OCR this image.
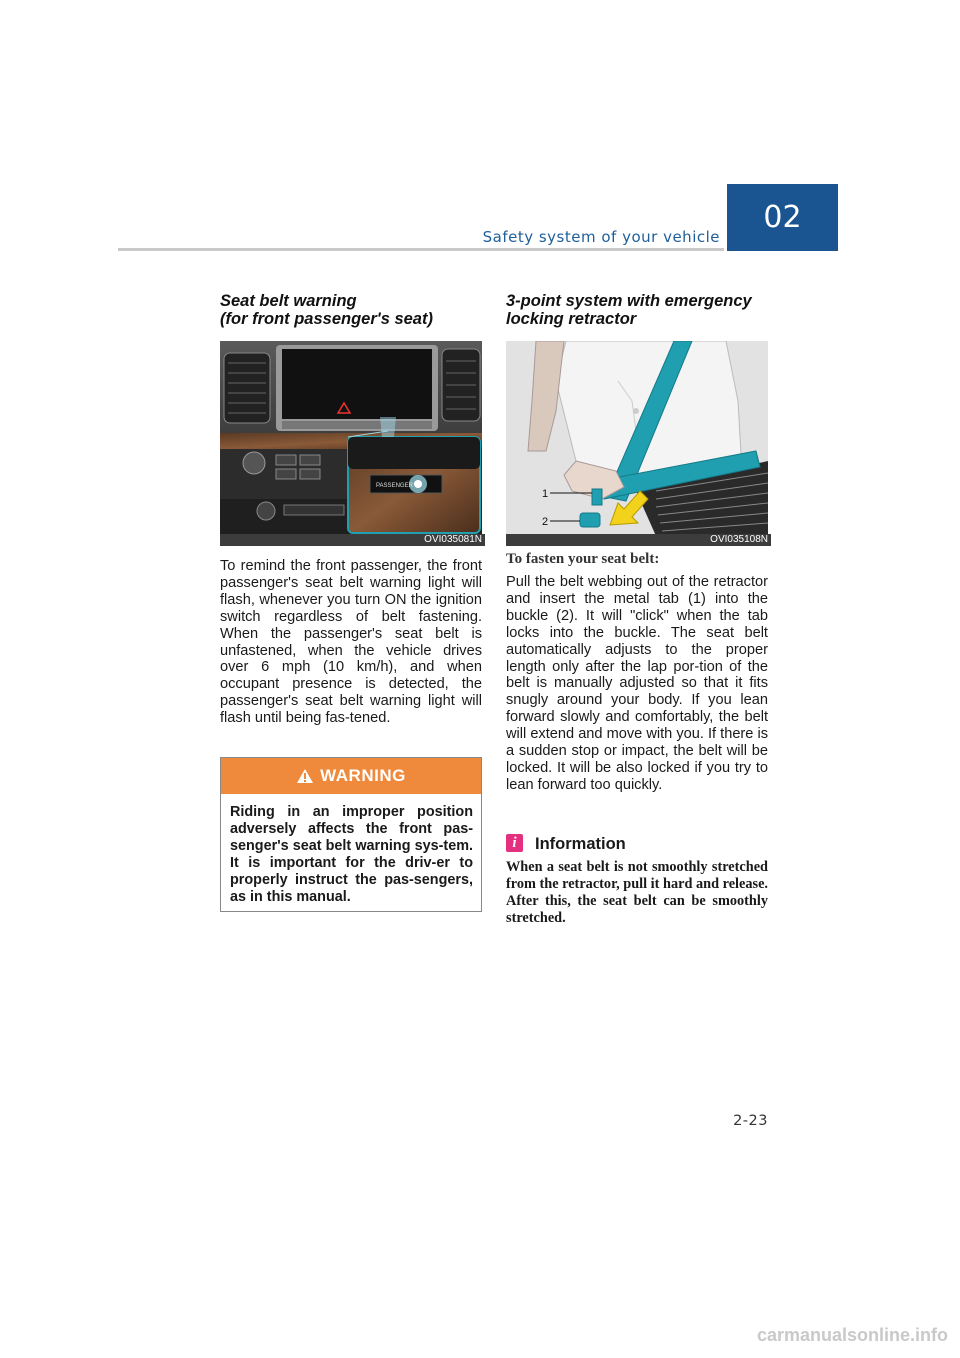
Safety system of your vehicle
02
Seat belt warning
(for front passenger's seat)
PASSENGER
OVI035081N
To remind the front passenger, the front passenger's seat belt warning light will flash, whenever you turn ON the ignition switch regardless of belt fastening. When the passenger's seat belt is unfastened, when the vehicle drives over 6 mph (10 km/h), and when occupant presence is detected, the passenger's seat belt warning light will flash until being fas-tened.
WARNING
Riding in an improper position adversely affects the front pas-senger's seat belt warning sys-tem. It is important for the driv-er to properly instruct the pas-sengers, as in this manual.
3-point system with emergency
locking retractor
1
2
OVI035108N
To fasten your seat belt:
Pull the belt webbing out of the retractor and insert the metal tab (1) into the buckle (2). It will "click" when the tab locks into the buckle. The seat belt automatically adjusts to the proper length only after the lap por-tion of the belt is manually adjusted so that it fits snugly around your body. If you lean forward slowly and comfortably, the belt will extend and move with you. If there is a sudden stop or impact, the belt will be locked. It will be also locked if you try to lean forward too quickly.
i	Information
When a seat belt is not smoothly stretched from the retractor, pull it hard and release. After this, the seat belt can be smoothly stretched.
2-23
carmanualsonline.info
